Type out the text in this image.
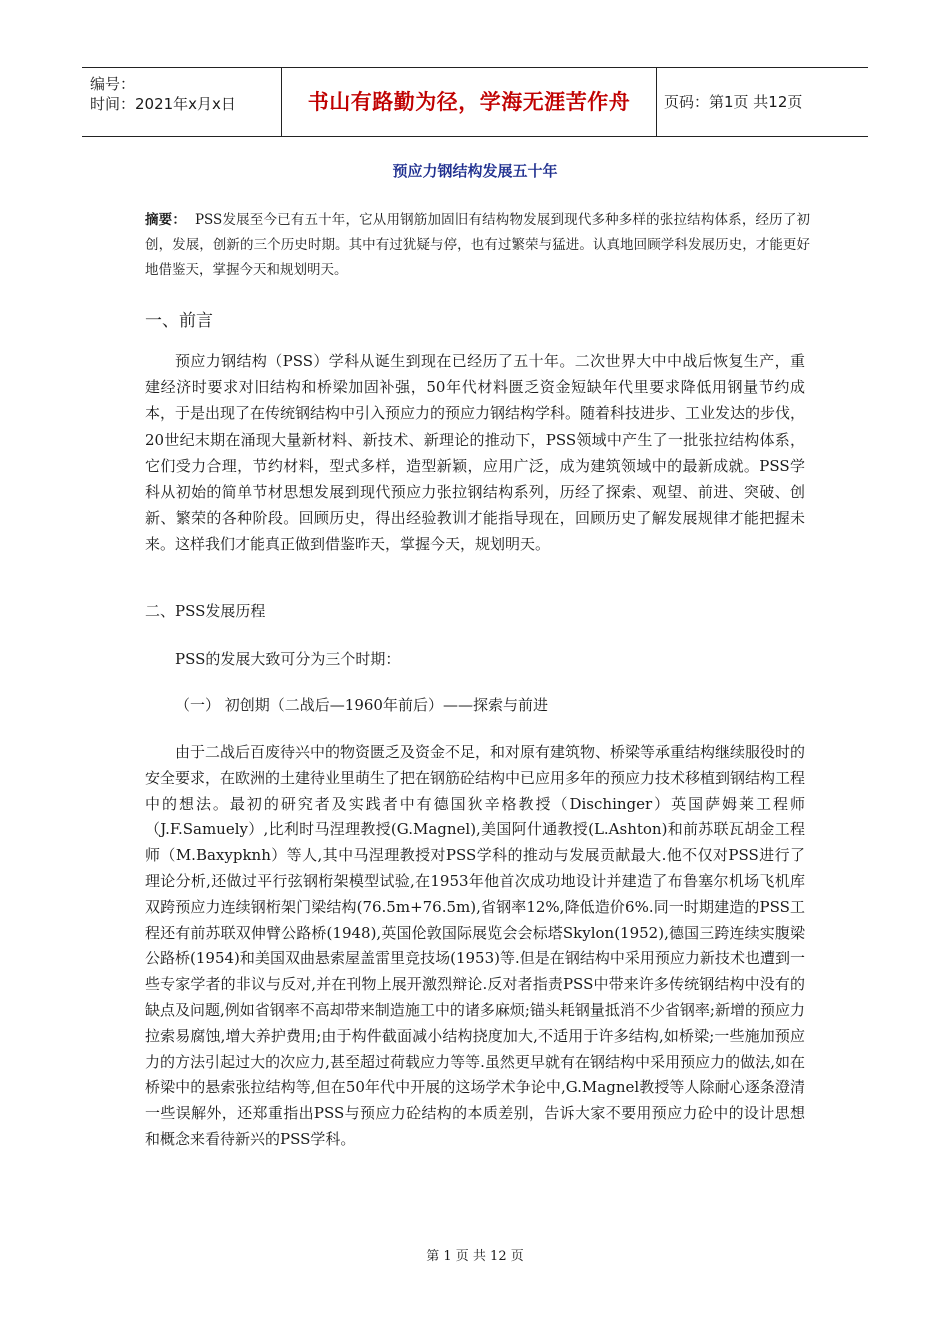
编号：
时间：2021年x月x日	书山有路勤为径，学海无涯苦作舟	页码：第1页 共12页
预应力钢结构发展五十年
摘要： PSS发展至今已有五十年，它从用钢筋加固旧有结构物发展到现代多种多样的张拉结构体系，经历了初创，发展，创新的三个历史时期。其中有过犹疑与停，也有过繁荣与猛进。认真地回顾学科发展历史，才能更好地借鉴天，掌握今天和规划明天。
一、前言
预应力钢结构（PSS）学科从诞生到现在已经历了五十年。二次世界大中中战后恢复生产，重建经济时要求对旧结构和桥梁加固补强，50年代材料匮乏资金短缺年代里要求降低用钢量节约成本，于是出现了在传统钢结构中引入预应力的预应力钢结构学科。随着科技进步、工业发达的步伐，20世纪末期在涌现大量新材料、新技术、新理论的推动下，PSS领域中产生了一批张拉结构体系，它们受力合理，节约材料，型式多样，造型新颖，应用广泛，成为建筑领域中的最新成就。PSS学科从初始的简单节材思想发展到现代预应力张拉钢结构系列，历经了探索、观望、前进、突破、创新、繁荣的各种阶段。回顾历史，得出经验教训才能指导现在，回顾历史了解发展规律才能把握未来。这样我们才能真正做到借鉴昨天，掌握今天，规划明天。
二、PSS发展历程
PSS的发展大致可分为三个时期：
（一） 初创期（二战后—1960年前后）——探索与前进
由于二战后百废待兴中的物资匮乏及资金不足，和对原有建筑物、桥梁等承重结构继续服役时的安全要求，在欧洲的土建待业里萌生了把在钢筋砼结构中已应用多年的预应力技术移植到钢结构工程中的想法。最初的研究者及实践者中有德国狄辛格教授（Dischinger）英国萨姆莱工程师（J.F.Samuely）,比利时马涅理教授(G.Magnel),美国阿什通教授(L.Ashton)和前苏联瓦胡金工程师（M.Baxypknh）等人,其中马涅理教授对PSS学科的推动与发展贡献最大.他不仅对PSS进行了理论分析,还做过平行弦钢桁架模型试验,在1953年他首次成功地设计并建造了布鲁塞尔机场飞机库双跨预应力连续钢桁架门梁结构(76.5m+76.5m),省钢率12%,降低造价6%.同一时期建造的PSS工程还有前苏联双伸臂公路桥(1948),英国伦敦国际展览会会标塔Skylon(1952),德国三跨连续实腹梁公路桥(1954)和美国双曲悬索屋盖雷里竞技场(1953)等.但是在钢结构中采用预应力新技术也遭到一些专家学者的非议与反对,并在刊物上展开激烈辩论.反对者指责PSS中带来许多传统钢结构中没有的缺点及问题,例如省钢率不高却带来制造施工中的诸多麻烦;锚头耗钢量抵消不少省钢率;新增的预应力拉索易腐蚀,增大养护费用;由于构件截面减小结构挠度加大,不适用于许多结构,如桥梁;一些施加预应力的方法引起过大的次应力,甚至超过荷载应力等等.虽然更早就有在钢结构中采用预应力的做法,如在桥梁中的悬索张拉结构等,但在50年代中开展的这场学术争论中,G.Magnel教授等人除耐心逐条澄清一些误解外，还郑重指出PSS与预应力砼结构的本质差别，告诉大家不要用预应力砼中的设计思想和概念来看待新兴的PSS学科。
第 1 页 共 12 页
